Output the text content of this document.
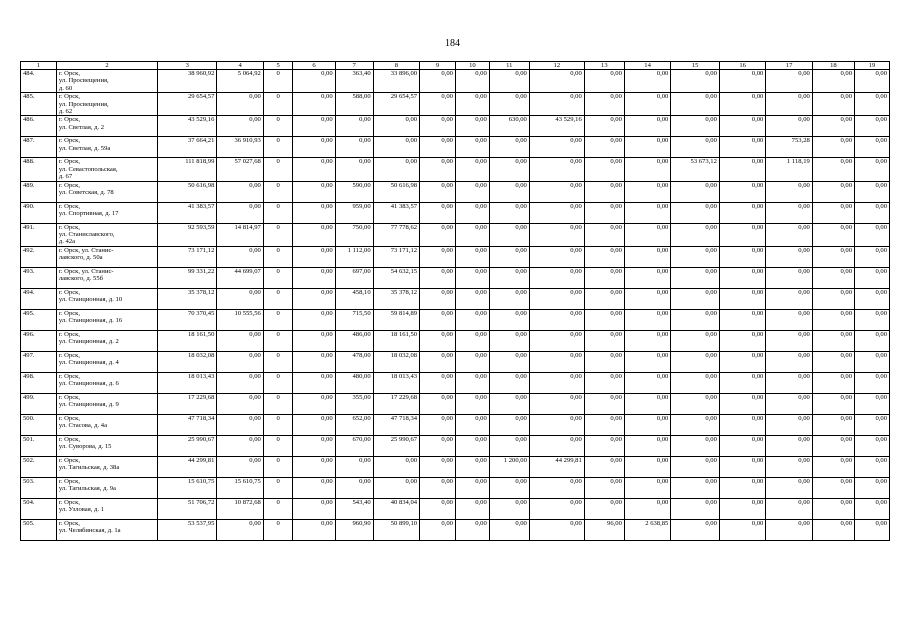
184
1	2	3	4	5	6	7	8	9	10	11	12	13	14	15	16	17	18	19
484.	г. Орск,
ул. Просвещения,
д. 60	38 960,92	5 064,92	0	0,00	363,40	33 896,00	0,00	0,00	0,00	0,00	0,00	0,00	0,00	0,00	0,00	0,00	0,00
485.	г. Орск,
ул. Просвещения,
д. 62	29 654,57	0,00	0	0,00	588,00	29 654,57	0,00	0,00	0,00	0,00	0,00	0,00	0,00	0,00	0,00	0,00	0,00
486.	г. Орск,
ул. Светлая, д. 2	43 529,16	0,00	0	0,00	0,00	0,00	0,00	0,00	630,00	43 529,16	0,00	0,00	0,00	0,00	0,00	0,00	0,00
487.	г. Орск,
ул. Светлая, д. 59а	37 664,21	36 910,93	0	0,00	0,00	0,00	0,00	0,00	0,00	0,00	0,00	0,00	0,00	0,00	753,28	0,00	0,00
488.	г. Орск,
ул. Севастопольская,
д. 67	111 818,99	57 027,68	0	0,00	0,00	0,00	0,00	0,00	0,00	0,00	0,00	0,00	53 673,12	0,00	1 118,19	0,00	0,00
489.	г. Орск,
ул. Советская, д. 78	50 616,98	0,00	0	0,00	590,00	50 616,98	0,00	0,00	0,00	0,00	0,00	0,00	0,00	0,00	0,00	0,00	0,00
490.	г. Орск,
ул. Спортивная, д. 17	41 383,57	0,00	0	0,00	959,00	41 383,57	0,00	0,00	0,00	0,00	0,00	0,00	0,00	0,00	0,00	0,00	0,00
491.	г. Орск,
ул. Станиславского,
д. 42а	92 593,59	14 814,97	0	0,00	750,00	77 778,62	0,00	0,00	0,00	0,00	0,00	0,00	0,00	0,00	0,00	0,00	0,00
492.	г. Орск, ул. Станис-
лавского, д. 50а	73 171,12	0,00	0	0,00	1 112,00	73 171,12	0,00	0,00	0,00	0,00	0,00	0,00	0,00	0,00	0,00	0,00	0,00
493.	г. Орск, ул. Станис-
лавского, д. 55б	99 331,22	44 699,07	0	0,00	697,00	54 632,15	0,00	0,00	0,00	0,00	0,00	0,00	0,00	0,00	0,00	0,00	0,00
494.	г. Орск,
ул. Станционная, д. 10	35 378,12	0,00	0	0,00	458,10	35 378,12	0,00	0,00	0,00	0,00	0,00	0,00	0,00	0,00	0,00	0,00	0,00
495.	г. Орск,
ул. Станционная, д. 16	70 370,45	10 555,56	0	0,00	715,50	59 814,89	0,00	0,00	0,00	0,00	0,00	0,00	0,00	0,00	0,00	0,00	0,00
496.	г. Орск,
ул. Станционная, д. 2	18 161,50	0,00	0	0,00	486,00	18 161,50	0,00	0,00	0,00	0,00	0,00	0,00	0,00	0,00	0,00	0,00	0,00
497.	г. Орск,
ул. Станционная, д. 4	18 032,08	0,00	0	0,00	478,00	18 032,08	0,00	0,00	0,00	0,00	0,00	0,00	0,00	0,00	0,00	0,00	0,00
498.	г. Орск,
ул. Станционная, д. 6	18 013,43	0,00	0	0,00	480,00	18 013,43	0,00	0,00	0,00	0,00	0,00	0,00	0,00	0,00	0,00	0,00	0,00
499.	г. Орск,
ул. Станционная, д. 9	17 229,68	0,00	0	0,00	355,00	17 229,68	0,00	0,00	0,00	0,00	0,00	0,00	0,00	0,00	0,00	0,00	0,00
500.	г. Орск,
ул. Стасова, д. 4а	47 718,34	0,00	0	0,00	652,00	47 718,34	0,00	0,00	0,00	0,00	0,00	0,00	0,00	0,00	0,00	0,00	0,00
501.	г. Орск,
ул. Суворова, д. 15	25 990,67	0,00	0	0,00	670,00	25 990,67	0,00	0,00	0,00	0,00	0,00	0,00	0,00	0,00	0,00	0,00	0,00
502.	г. Орск,
ул. Тагильская, д. 38а	44 299,81	0,00	0	0,00	0,00	0,00	0,00	0,00	1 200,00	44 299,81	0,00	0,00	0,00	0,00	0,00	0,00	0,00
503.	г. Орск,
ул. Тагильская, д. 9а	15 610,75	15 610,75	0	0,00	0,00	0,00	0,00	0,00	0,00	0,00	0,00	0,00	0,00	0,00	0,00	0,00	0,00
504.	г. Орск,
ул. Узловая, д. 1	51 706,72	10 872,68	0	0,00	543,40	40 834,04	0,00	0,00	0,00	0,00	0,00	0,00	0,00	0,00	0,00	0,00	0,00
505.	г. Орск,
ул. Челябинская, д. 1а	53 537,95	0,00	0	0,00	960,90	50 899,10	0,00	0,00	0,00	0,00	96,00	2 638,85	0,00	0,00	0,00	0,00	0,00
